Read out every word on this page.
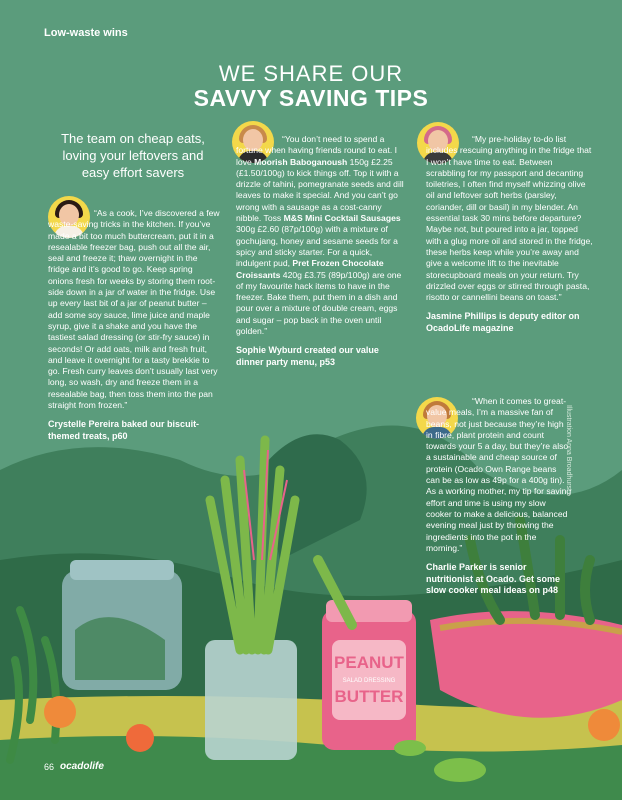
Low-waste wins
WE SHARE OUR
SAVVY SAVING TIPS
The team on cheap eats, loving your leftovers and easy effort savers

“As a cook, I’ve discovered a few waste-saving tricks in the kitchen. If you’ve made a bit too much buttercream, put it in a resealable freezer bag, push out all the air, seal and freeze it; thaw overnight in the fridge and it’s good to go. Keep spring onions fresh for weeks by storing them root-side down in a jar of water in the fridge. Use up every last bit of a jar of peanut butter – add some soy sauce, lime juice and maple syrup, give it a shake and you have the tastiest salad dressing (or stir-fry sauce) in seconds! Or add oats, milk and fresh fruit, and leave it overnight for a tasty brekkie to go. Fresh curry leaves don’t usually last very long, so wash, dry and freeze them in a resealable bag, then toss them into the pan straight from frozen.”

Crystelle Pereira baked our biscuit-themed treats, p60

“You don’t need to spend a fortune when having friends round to eat. I love Moorish Baboganoush 150g £2.25 (£1.50/100g) to kick things off. Top it with a drizzle of tahini, pomegranate seeds and dill leaves to make it special. And you can’t go wrong with a sausage as a cost-canny nibble. Toss M&S Mini Cocktail Sausages 300g £2.60 (87p/100g) with a mixture of gochujang, honey and sesame seeds for a spicy and sticky starter. For a quick, indulgent pud, Pret Frozen Chocolate Croissants 420g £3.75 (89p/100g) are one of my favourite hack items to have in the freezer. Bake them, put them in a dish and pour over a mixture of double cream, eggs and sugar – pop back in the oven until golden.”

Sophie Wyburd created our value dinner party menu, p53

“My pre-holiday to-do list includes rescuing anything in the fridge that I won’t have time to eat. Between scrabbling for my passport and decanting toiletries, I often find myself whizzing olive oil and leftover soft herbs (parsley, coriander, dill or basil) in my blender. An essential task 30 mins before departure? Maybe not, but poured into a jar, topped with a glug more oil and stored in the fridge, these herbs keep while you’re away and give a welcome lift to the inevitable storecupboard meals on your return. Try drizzled over eggs or stirred through pasta, risotto or cannellini beans on toast.”

Jasmine Phillips is deputy editor on OcadoLife magazine

“When it comes to great-value meals, I’m a massive fan of beans, not just because they’re high in fibre, plant protein and count towards your 5 a day, but they’re also a sustainable and cheap source of protein (Ocado Own Range beans can be as low as 49p for a 400g tin). As a working mother, my tip for saving effort and time is using my slow cooker to make a delicious, balanced evening meal just by throwing the ingredients into the pot in the morning.”

Charlie Parker is senior nutritionist at Ocado. Get some slow cooker meal ideas on p48
Illustration Anna Broadhurst
PEANUT
SALAD DRESSING
BUTTER
66 ocadolife
